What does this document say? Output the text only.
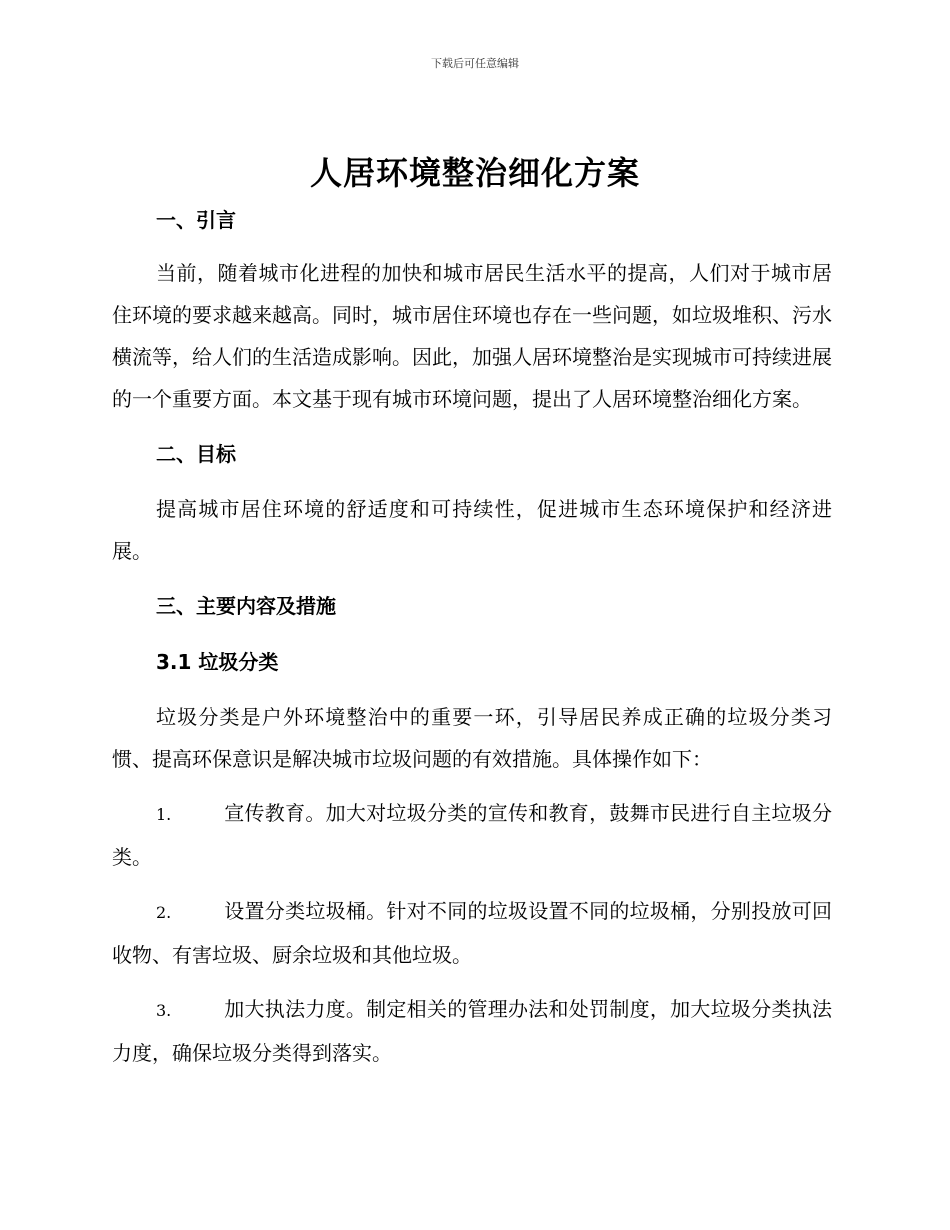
下载后可任意编辑
人居环境整治细化方案

一、引言

当前，随着城市化进程的加快和城市居民生活水平的提高，人们对于城市居住环境的要求越来越高。同时，城市居住环境也存在一些问题，如垃圾堆积、污水横流等，给人们的生活造成影响。因此，加强人居环境整治是实现城市可持续进展的一个重要方面。本文基于现有城市环境问题，提出了人居环境整治细化方案。

二、目标

提高城市居住环境的舒适度和可持续性，促进城市生态环境保护和经济进展。

三、主要内容及措施

3.1 垃圾分类

垃圾分类是户外环境整治中的重要一环，引导居民养成正确的垃圾分类习惯、提高环保意识是解决城市垃圾问题的有效措施。具体操作如下：

1.	宣传教育。加大对垃圾分类的宣传和教育，鼓舞市民进行自主垃圾分类。

2.	设置分类垃圾桶。针对不同的垃圾设置不同的垃圾桶，分别投放可回收物、有害垃圾、厨余垃圾和其他垃圾。

3.	加大执法力度。制定相关的管理办法和处罚制度，加大垃圾分类执法力度，确保垃圾分类得到落实。
